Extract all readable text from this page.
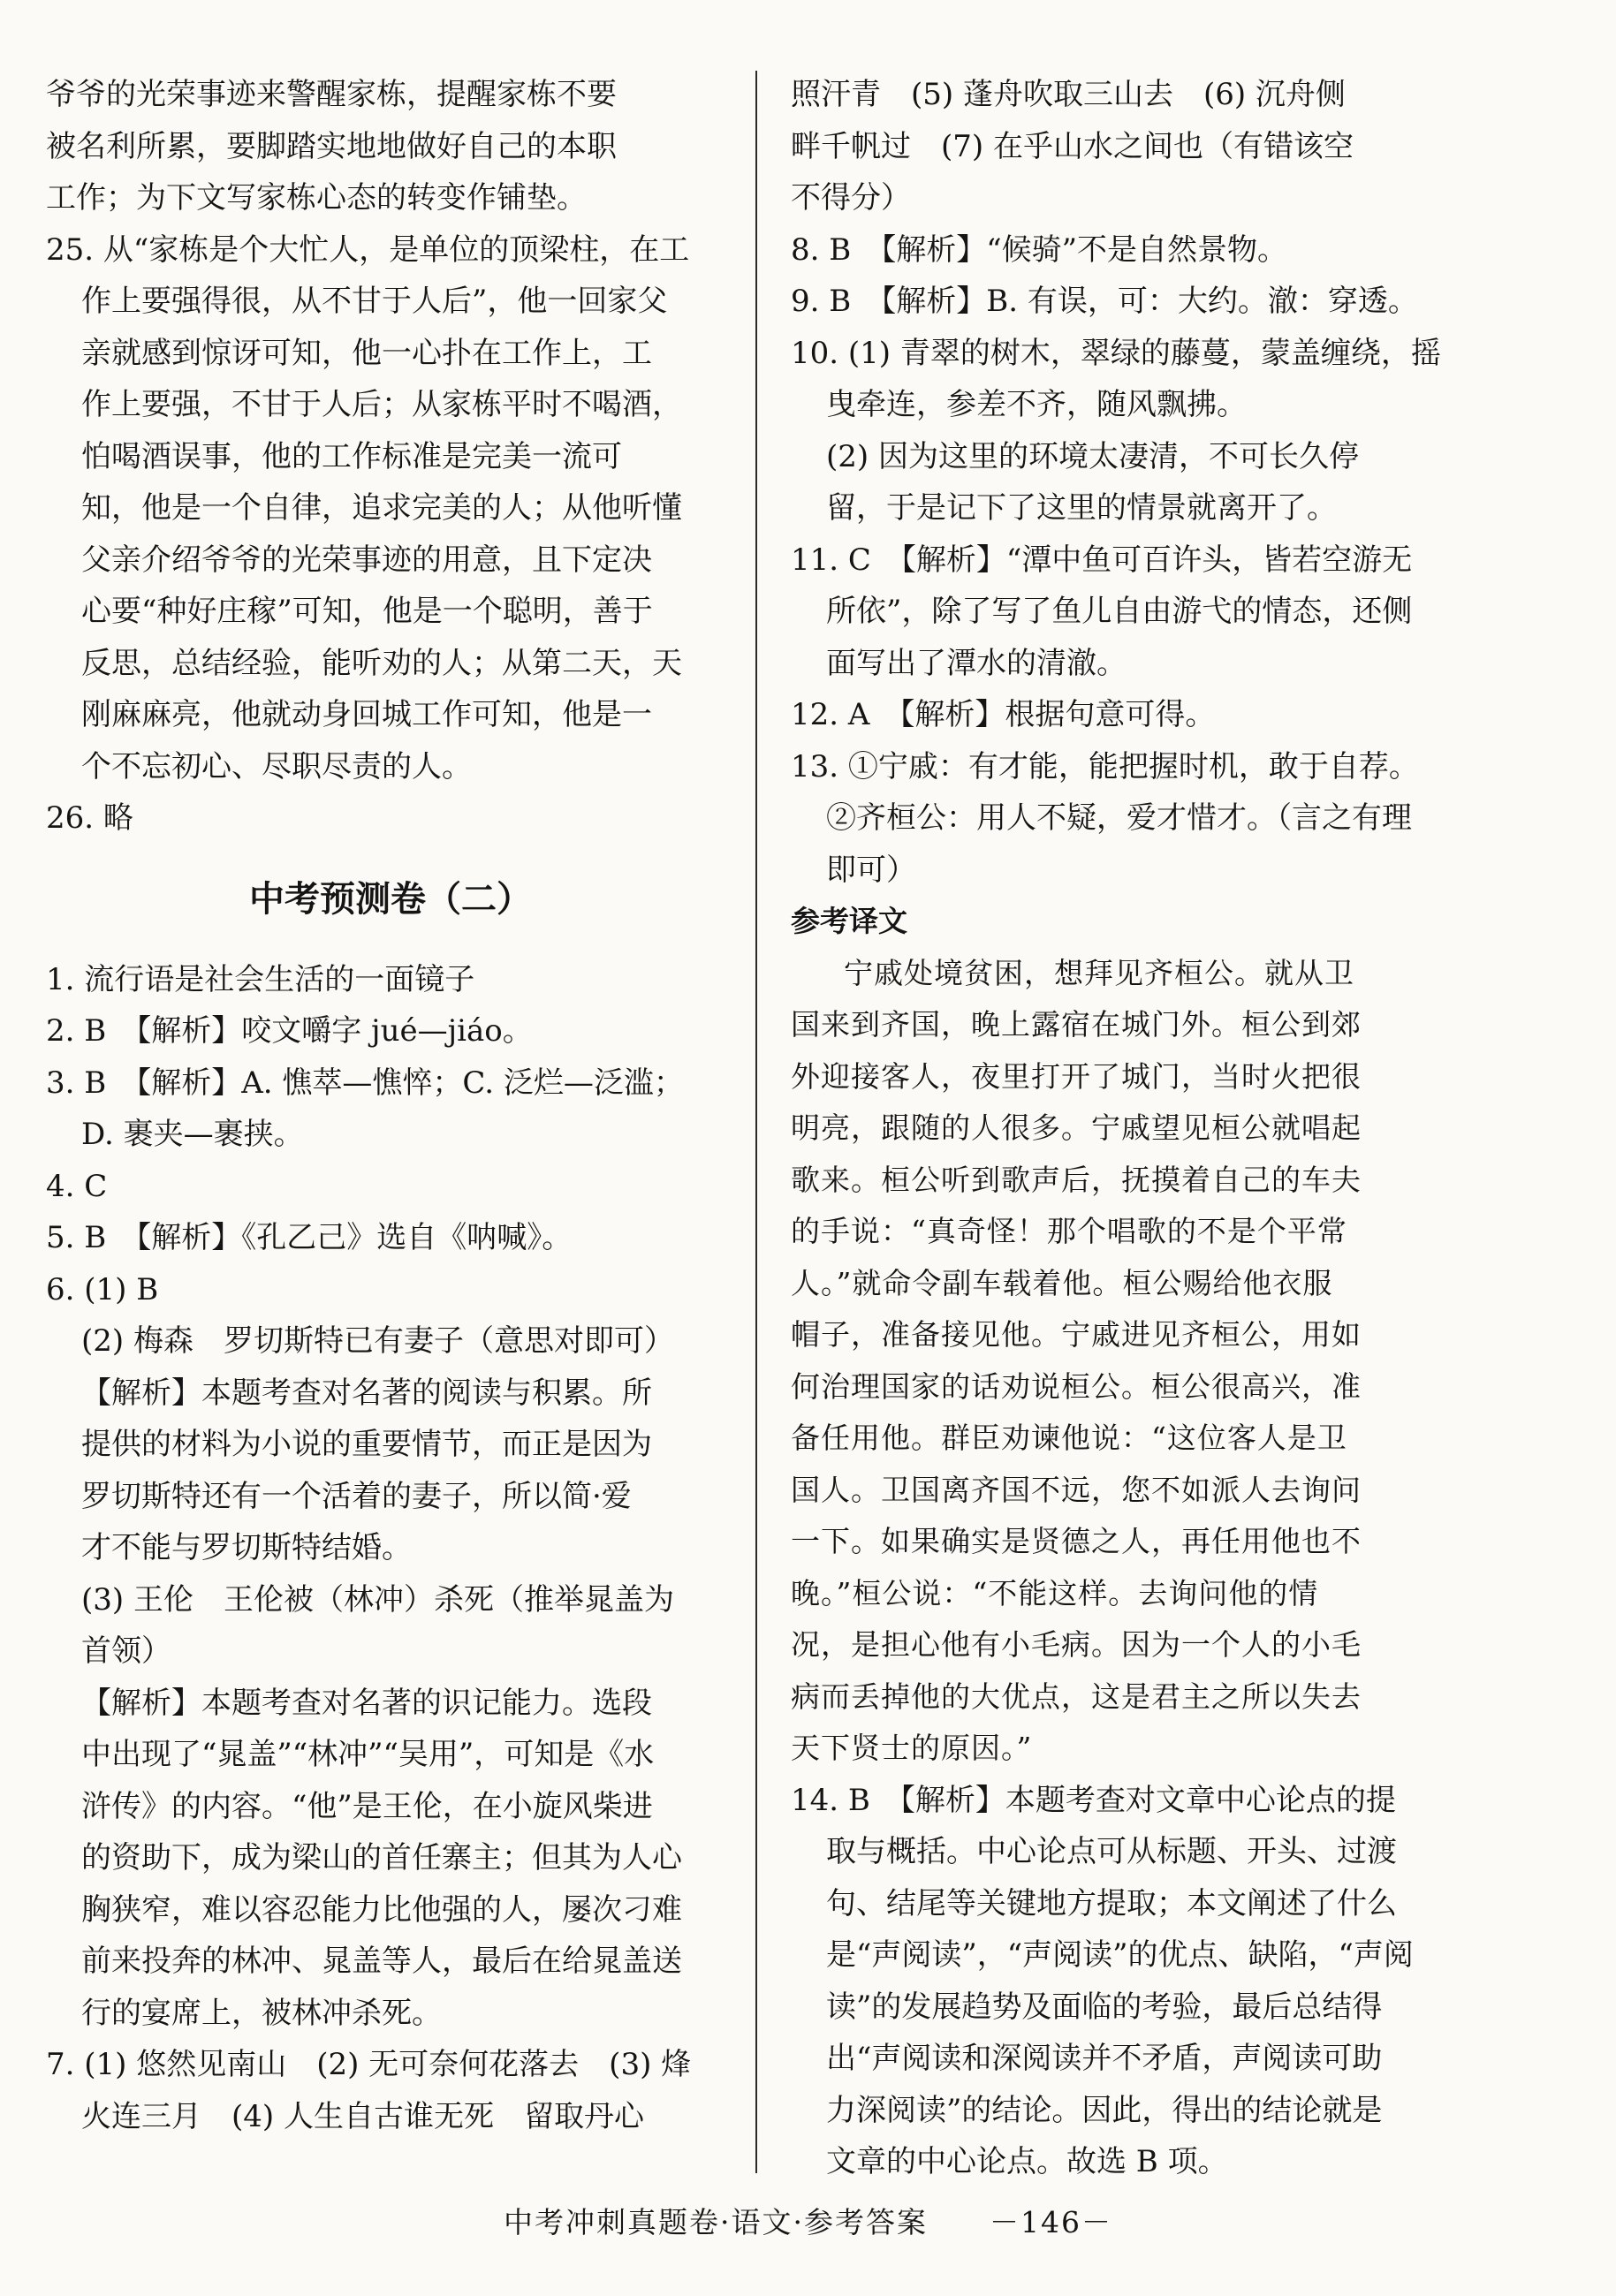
爷爷的光荣事迹来警醒家栋，提醒家栋不要
被名利所累，要脚踏实地地做好自己的本职
工作；为下文写家栋心态的转变作铺垫。
25. 从“家栋是个大忙人，是单位的顶梁柱，在工
作上要强得很，从不甘于人后”，他一回家父
亲就感到惊讶可知，他一心扑在工作上，工
作上要强，不甘于人后；从家栋平时不喝酒，
怕喝酒误事，他的工作标准是完美一流可
知，他是一个自律，追求完美的人；从他听懂
父亲介绍爷爷的光荣事迹的用意，且下定决
心要“种好庄稼”可知，他是一个聪明，善于
反思，总结经验，能听劝的人；从第二天，天
刚麻麻亮，他就动身回城工作可知，他是一
个不忘初心、尽职尽责的人。
26. 略
中考预测卷（二）
1. 流行语是社会生活的一面镜子
2. B　【解析】咬文嚼字 jué—jiáo。
3. B　【解析】A. 憔萃—憔悴；C. 泛烂—泛滥；
D. 裹夹—裹挟。
4. C
5. B　【解析】《孔乙己》选自《呐喊》。
6. (1) B
(2) 梅森　罗切斯特已有妻子（意思对即可）
【解析】本题考查对名著的阅读与积累。所
提供的材料为小说的重要情节，而正是因为
罗切斯特还有一个活着的妻子，所以简·爱
才不能与罗切斯特结婚。
(3) 王伦　王伦被（林冲）杀死（推举晁盖为
首领）
【解析】本题考查对名著的识记能力。选段
中出现了“晁盖”“林冲”“吴用”，可知是《水
浒传》的内容。“他”是王伦，在小旋风柴进
的资助下，成为梁山的首任寨主；但其为人心
胸狭窄，难以容忍能力比他强的人，屡次刁难
前来投奔的林冲、晁盖等人，最后在给晁盖送
行的宴席上，被林冲杀死。
7. (1) 悠然见南山　(2) 无可奈何花落去　(3) 烽
火连三月　(4) 人生自古谁无死　留取丹心
照汗青　(5) 蓬舟吹取三山去　(6) 沉舟侧
畔千帆过　(7) 在乎山水之间也（有错该空
不得分）
8. B　【解析】“候骑”不是自然景物。
9. B　【解析】B. 有误，可：大约。澈：穿透。
10. (1) 青翠的树木，翠绿的藤蔓，蒙盖缠绕，摇
曳牵连，参差不齐，随风飘拂。
(2) 因为这里的环境太凄清，不可长久停
留，于是记下了这里的情景就离开了。
11. C　【解析】“潭中鱼可百许头，皆若空游无
所依”，除了写了鱼儿自由游弋的情态，还侧
面写出了潭水的清澈。
12. A　【解析】根据句意可得。
13. ①宁戚：有才能，能把握时机，敢于自荐。
②齐桓公：用人不疑，爱才惜才。（言之有理
即可）
参考译文
宁戚处境贫困，想拜见齐桓公。就从卫
国来到齐国，晚上露宿在城门外。桓公到郊
外迎接客人，夜里打开了城门，当时火把很
明亮，跟随的人很多。宁戚望见桓公就唱起
歌来。桓公听到歌声后，抚摸着自己的车夫
的手说：“真奇怪！那个唱歌的不是个平常
人。”就命令副车载着他。桓公赐给他衣服
帽子，准备接见他。宁戚进见齐桓公，用如
何治理国家的话劝说桓公。桓公很高兴，准
备任用他。群臣劝谏他说：“这位客人是卫
国人。卫国离齐国不远，您不如派人去询问
一下。如果确实是贤德之人，再任用他也不
晚。”桓公说：“不能这样。去询问他的情
况，是担心他有小毛病。因为一个人的小毛
病而丢掉他的大优点，这是君主之所以失去
天下贤士的原因。”
14. B　【解析】本题考查对文章中心论点的提
取与概括。中心论点可从标题、开头、过渡
句、结尾等关键地方提取；本文阐述了什么
是“声阅读”，“声阅读”的优点、缺陷，“声阅
读”的发展趋势及面临的考验，最后总结得
出“声阅读和深阅读并不矛盾，声阅读可助
力深阅读”的结论。因此，得出的结论就是
文章的中心论点。故选 B 项。
中考冲刺真题卷·语文·参考答案　　－146－
